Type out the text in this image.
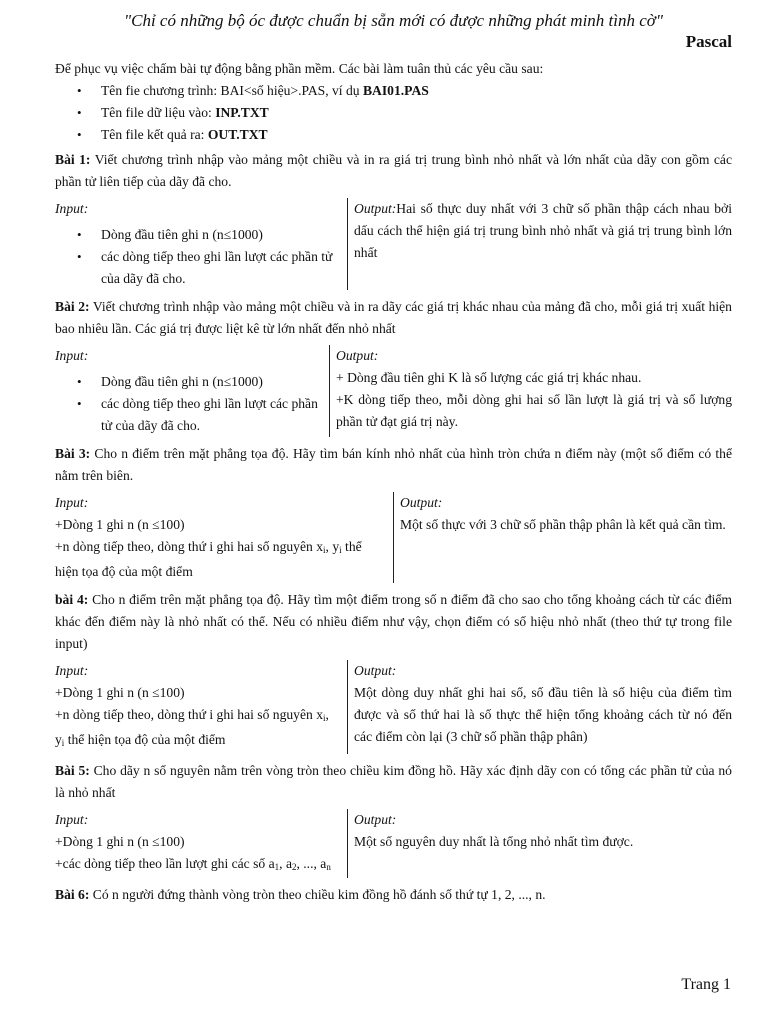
"Chỉ có những bộ óc được chuẩn bị sẵn mới có được những phát minh tình cờ"
Pascal

Để phục vụ việc chấm bài tự động bằng phần mềm. Các bài làm tuân thủ các yêu cầu sau:

• Tên fie chương trình: BAI<số hiệu>.PAS, ví dụ BAI01.PAS
• Tên file dữ liệu vào: INP.TXT
• Tên file kết quả ra: OUT.TXT

Bài 1: Viết chương trình nhập vào mảng một chiều và in ra giá trị trung bình nhỏ nhất và lớn nhất của dãy con gồm các phần tử liên tiếp của dãy đã cho.

Input:
• Dòng đầu tiên ghi n (n≤1000)
• các dòng tiếp theo ghi lần lượt các phần tử của dãy đã cho.
Output:Hai số thực duy nhất với 3 chữ số phần thập cách nhau bởi dấu cách thể hiện giá trị trung bình nhỏ nhất và giá trị trung bình lớn nhất

Bài 2: Viết chương trình nhập vào mảng một chiều và in ra dãy các giá trị khác nhau của mảng đã cho, mỗi giá trị xuất hiện bao nhiêu lần. Các giá trị được liệt kê từ lớn nhất đến nhỏ nhất

Input:
• Dòng đầu tiên ghi n (n≤1000)
• các dòng tiếp theo ghi lần lượt các phần tử của dãy đã cho.
Output:

+ Dòng đầu tiên ghi K là số lượng các giá trị khác nhau.

+K dòng tiếp theo, mỗi dòng ghi hai số lần lượt là giá trị và số lượng phần tử đạt giá trị này.

Bài 3: Cho n điểm trên mặt phẳng tọa độ. Hãy tìm bán kính nhỏ nhất của hình tròn chứa n điểm này (một số điểm có thể nằm trên biên.

Input:

+Dòng 1 ghi n (n ≤100)

+n dòng tiếp theo, dòng thứ i ghi hai số nguyên $x_i$, $y_i$ thể hiện tọa độ của một điểm

Output:

Một số thực với 3 chữ số phần thập phân là kết quả cần tìm.

bài 4: Cho n điểm trên mặt phẳng tọa độ. Hãy tìm một điểm trong số n điểm đã cho sao cho tổng khoảng cách từ các điểm khác đến điểm này là nhỏ nhất có thể. Nếu có nhiều điểm như vậy, chọn điểm có số hiệu nhỏ nhất (theo thứ tự trong file input)

Input:

+Dòng 1 ghi n (n ≤100)

+n dòng tiếp theo, dòng thứ i ghi hai số nguyên $x_i$, $y_i$ thể hiện tọa độ của một điểm

Output:

Một dòng duy nhất ghi hai số, số đầu tiên là số hiệu của điểm tìm được và số thứ hai là số thực thể hiện tổng khoảng cách từ nó đến các điểm còn lại (3 chữ số phần thập phân)

Bài 5: Cho dãy n số nguyên nằm trên vòng tròn theo chiều kim đồng hồ. Hãy xác định dãy con có tổng các phần tử của nó là nhỏ nhất

Input:

+Dòng 1 ghi n (n ≤100)

+các dòng tiếp theo lần lượt ghi các số $a_1$, $a_2$, ..., $a_n$

Output:

Một số nguyên duy nhất là tổng nhỏ nhất tìm được.

Bài 6: Có n người đứng thành vòng tròn theo chiều kim đồng hồ đánh số thứ tự 1, 2, ..., n.

Trang 1
